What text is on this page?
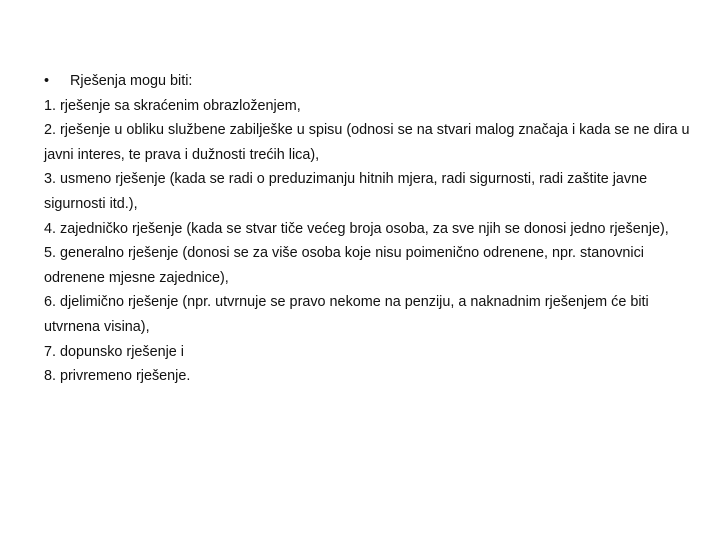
• Rješenja mogu biti:
1. rješenje sa skraćenim obrazloženjem,
2. rješenje u obliku službene zabilješke u spisu (odnosi se na stvari malog značaja i kada se ne dira u javni interes, te prava i dužnosti trećih lica),
3. usmeno rješenje (kada se radi o preduzimanju hitnih mjera, radi sigurnosti, radi zaštite javne sigurnosti itd.),
4. zajedničko rješenje (kada se stvar tiče većeg broja osoba, za sve njih se donosi jedno rješenje),
5. generalno rješenje (donosi se za više osoba koje nisu poimenično odrenene, npr. stanovnici odrenene mjesne zajednice),
6. djelimično rješenje (npr. utvrnuje se pravo nekome na penziju, a naknadnim rješenjem će biti utvrnena visina),
7. dopunsko rješenje i
8. privremeno rješenje.
